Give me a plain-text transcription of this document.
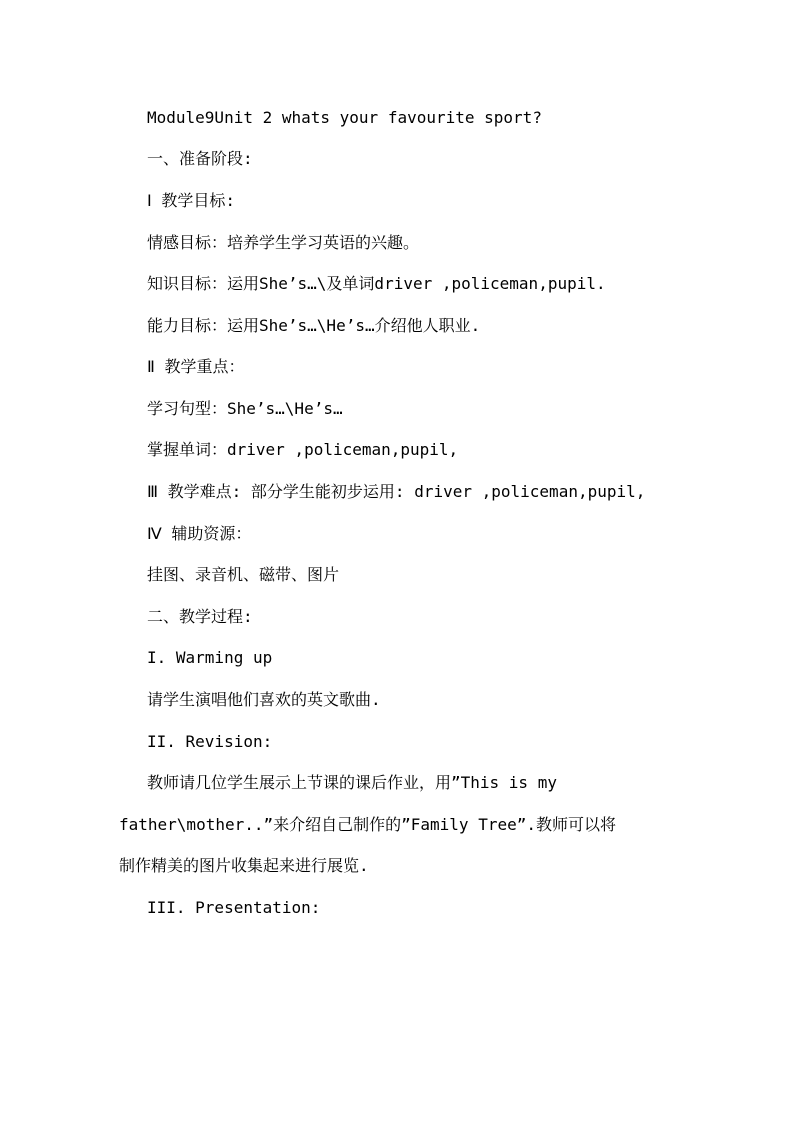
Module9Unit 2 whats your favourite sport?
一、准备阶段:
Ⅰ 教学目标:
情感目标：培养学生学习英语的兴趣。
知识目标：运用She’s…\及单词driver ,policeman,pupil.
能力目标：运用She’s…\He’s…介绍他人职业.
Ⅱ 教学重点：
学习句型：She’s…\He’s…
掌握单词：driver ,policeman,pupil,
Ⅲ 教学难点: 部分学生能初步运用: driver ,policeman,pupil,
Ⅳ 辅助资源：
挂图、录音机、磁带、图片
二、教学过程:
I. Warming up
请学生演唱他们喜欢的英文歌曲.
II. Revision:
教师请几位学生展示上节课的课后作业，用”This is my
father\mother..”来介绍自己制作的”Family Tree”.教师可以将
制作精美的图片收集起来进行展览.
III. Presentation:
